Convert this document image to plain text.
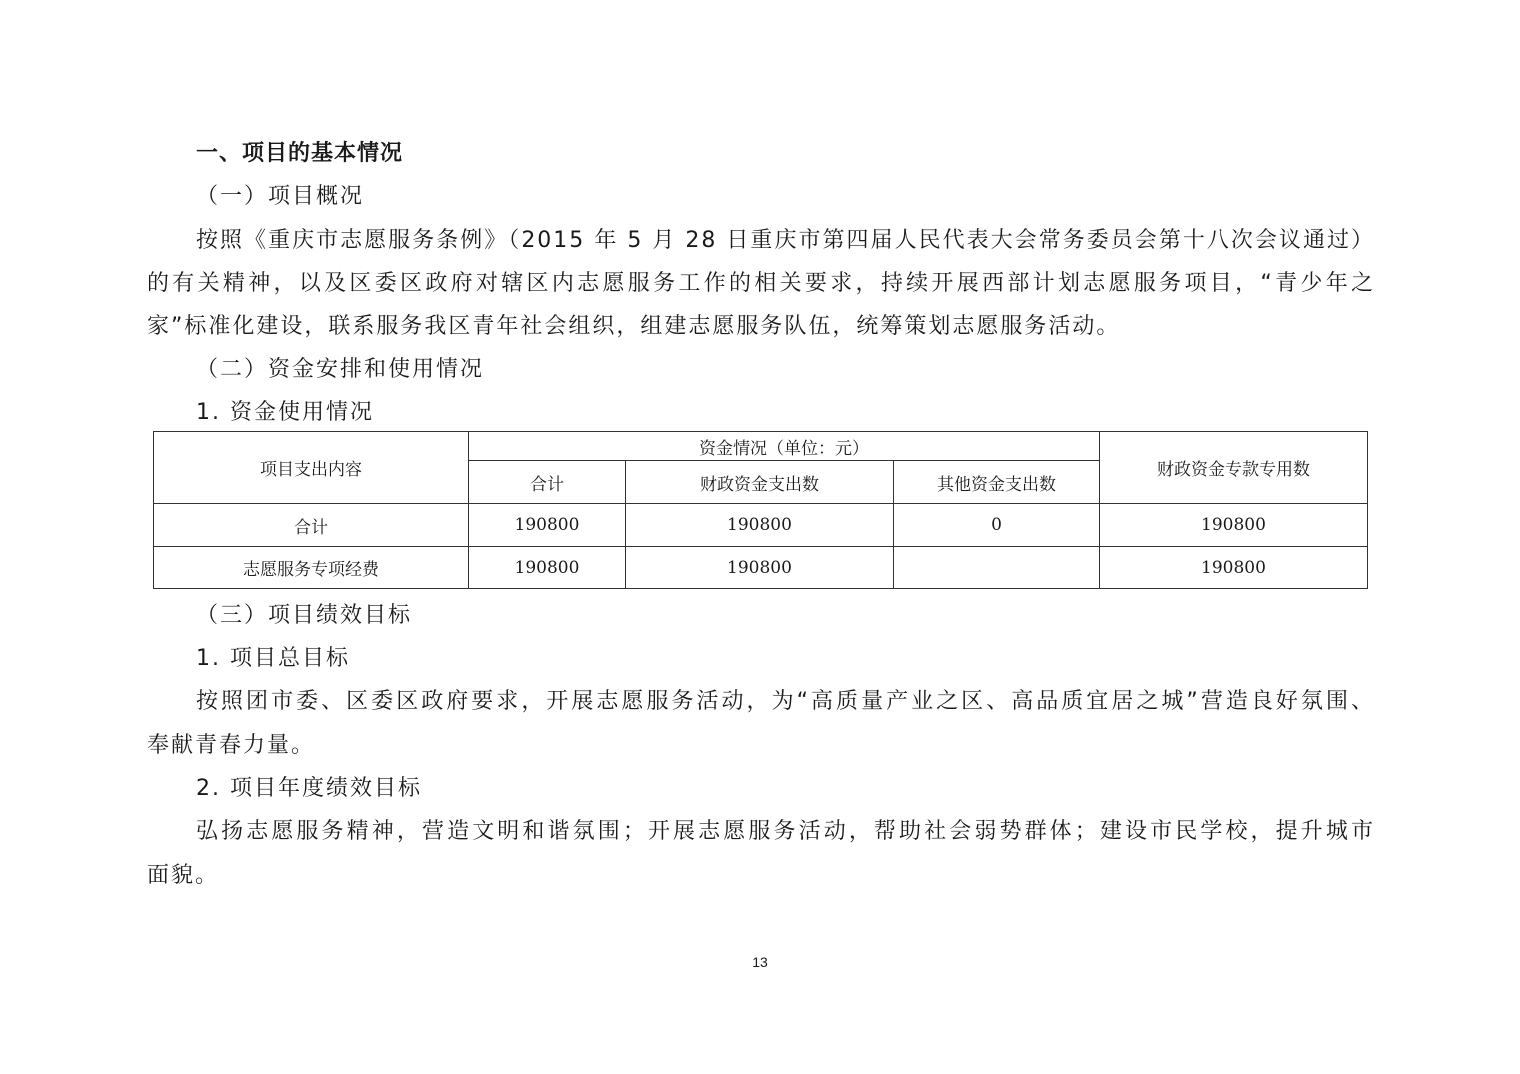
一、项目的基本情况
（一）项目概况
按照《重庆市志愿服务条例》（2015 年 5 月 28 日重庆市第四届人民代表大会常务委员会第十八次会议通过）
的有关精神，以及区委区政府对辖区内志愿服务工作的相关要求，持续开展西部计划志愿服务项目，“青少年之
家”标准化建设，联系服务我区青年社会组织，组建志愿服务队伍，统筹策划志愿服务活动。
（二）资金安排和使用情况
1. 资金使用情况
项目支出内容	资金情况（单位：元）			财政资金专款专用数
	合计	财政资金支出数	其他资金支出数	
合计	190800	190800	0	190800
志愿服务专项经费	190800	190800		190800
（三）项目绩效目标
1. 项目总目标
按照团市委、区委区政府要求，开展志愿服务活动，为“高质量产业之区、高品质宜居之城”营造良好氛围、
奉献青春力量。
2. 项目年度绩效目标
弘扬志愿服务精神，营造文明和谐氛围；开展志愿服务活动，帮助社会弱势群体；建设市民学校，提升城市
面貌。
13
